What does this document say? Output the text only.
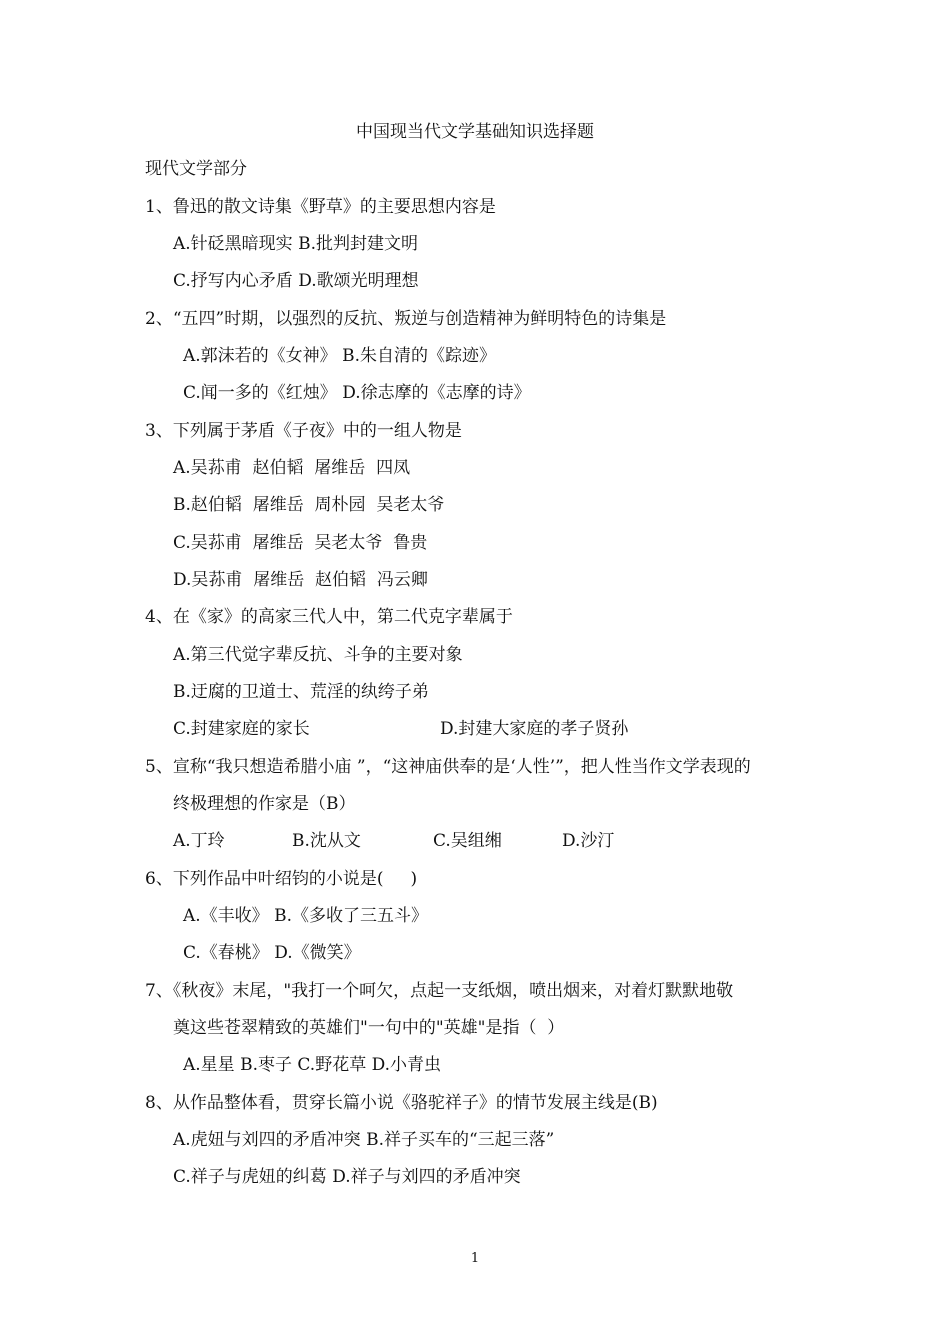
中国现当代文学基础知识选择题
现代文学部分
1、鲁迅的散文诗集《野草》的主要思想内容是
A.针砭黑暗现实 B.批判封建文明
C.抒写内心矛盾 D.歌颂光明理想
2、“五四”时期，以强烈的反抗、叛逆与创造精神为鲜明特色的诗集是
A.郭沫若的《女神》 B.朱自清的《踪迹》
C.闻一多的《红烛》 D.徐志摩的《志摩的诗》
3、下列属于茅盾《子夜》中的一组人物是
A.吴荪甫  赵伯韬  屠维岳  四凤
B.赵伯韬  屠维岳  周朴园  吴老太爷
C.吴荪甫  屠维岳  吴老太爷  鲁贵
D.吴荪甫  屠维岳  赵伯韬  冯云卿
4、在《家》的高家三代人中，第二代克字辈属于
A.第三代觉字辈反抗、斗争的主要对象
B.迂腐的卫道士、荒淫的纨绔子弟
C.封建家庭的家长	D.封建大家庭的孝子贤孙
5、宣称“我只想造希腊小庙 ”，“这神庙供奉的是‘人性’”，把人性当作文学表现的
终极理想的作家是（B）
A.丁玲	B.沈从文	C.吴组缃	D.沙汀
6、下列作品中叶绍钧的小说是(     )
A.《丰收》 B.《多收了三五斗》
C.《春桃》 D.《微笑》
7、《秋夜》末尾，"我打一个呵欠，点起一支纸烟，喷出烟来，对着灯默默地敬
奠这些苍翠精致的英雄们"一句中的"英雄"是指（  ）
A.星星 B.枣子 C.野花草 D.小青虫
8、从作品整体看，贯穿长篇小说《骆驼祥子》的情节发展主线是(B)
A.虎妞与刘四的矛盾冲突 B.祥子买车的“三起三落”
C.祥子与虎妞的纠葛 D.祥子与刘四的矛盾冲突
1
